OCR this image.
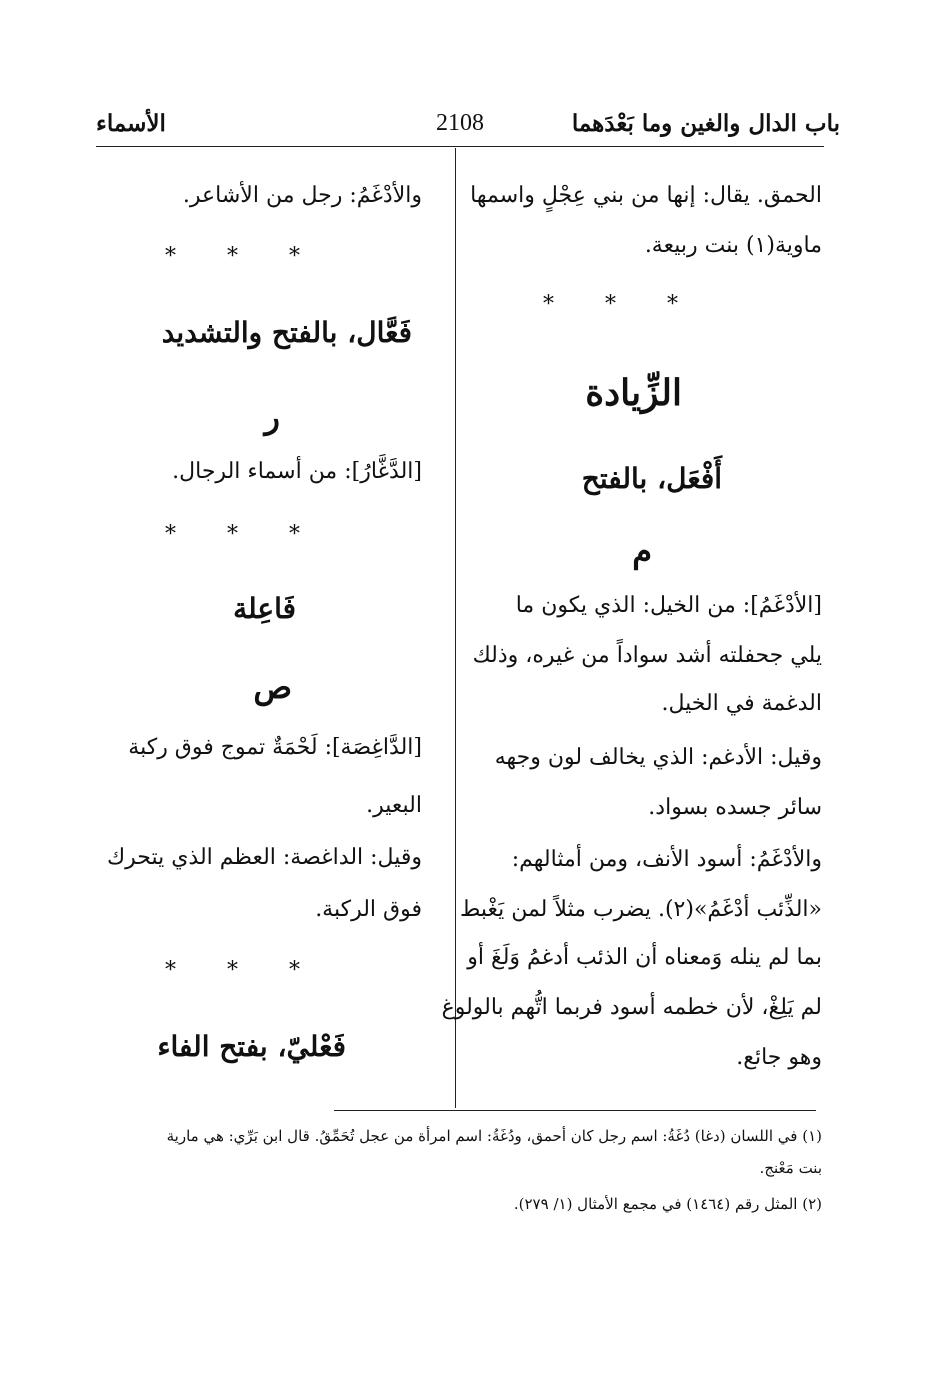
باب الدال والغين وما بَعْدَهما
2108
الأسماء
الحمق. يقال: إنها من بني عِجْلٍ واسمها
ماوية(١) بنت ربيعة.
* * *
الزِّيادة
أَفْعَل، بالفتح
م
[الأدْغَمُ]: من الخيل: الذي يكون ما
يلي جحفلته أشد سواداً من غيره، وذلك
الدغمة في الخيل.
وقيل: الأدغم: الذي يخالف لون وجهه
سائر جسده بسواد.
والأدْغَمُ: أسود الأنف، ومن أمثالهم:
«الذِّئب أدْغَمُ»(٢). يضرب مثلاً لمن يَغْبط
بما لم ينله وَمعناه أن الذئب أدغمُ وَلَغَ أو
لم يَلِغْ، لأن خطمه أسود فربما اتُّهم بالولوغ
وهو جائع.
والأدْغَمُ: رجل من الأشاعر.
* * *
فَعَّال، بالفتح والتشديد
ر
[الدَّغَّارُ]: من أسماء الرجال.
* * *
فَاعِلة
ص
[الدَّاغِصَة]: لَحْمَةٌ تموج فوق ركبة
البعير.
وقيل: الداغصة: العظم الذي يتحرك
فوق الركبة.
* * *
فَعْليّ، بفتح الفاء
(١) في اللسان (دغا) دُغَةُ: اسم رجل كان أحمق، ودُغَةُ: اسم امرأة من عجل تُحَمِّقُ. قال ابن بَرِّي: هي مارية
بنت مَعْنج.
(٢) المثل رقم (١٤٦٤) في مجمع الأمثال (١/ ٢٧٩).
